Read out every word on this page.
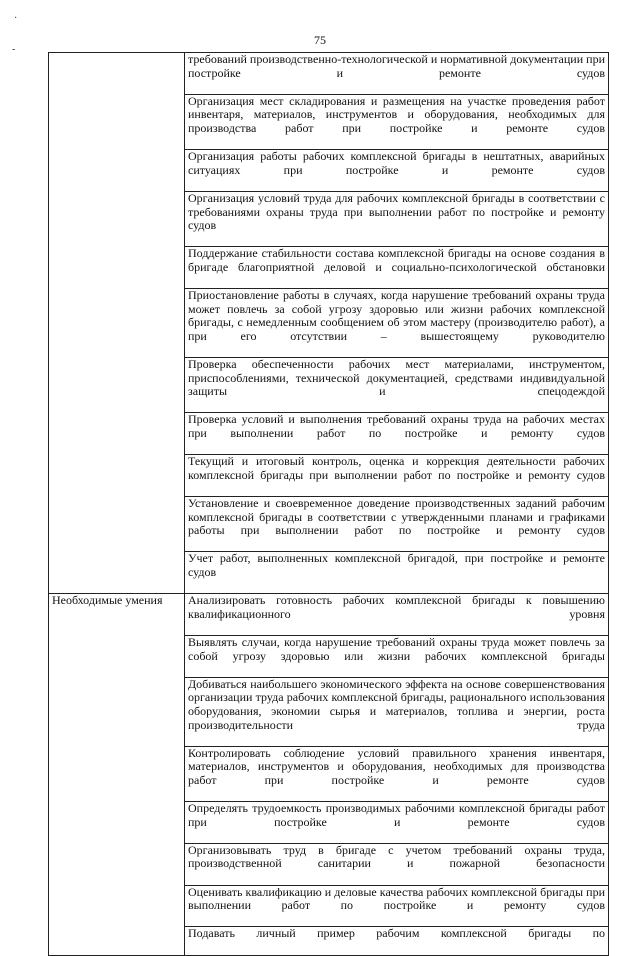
·
-
75

	требований производственно-технологической и нормативной документации при постройке и ремонте судов

	Организация мест складирования и размещения на участке проведения работ инвентаря, материалов, инструментов и оборудования, необходимых для производства работ при постройке и ремонте судов

	Организация работы рабочих комплексной бригады в нештатных, аварийных ситуациях при постройке и ремонте судов

	Организация условий труда для рабочих комплексной бригады в соответствии с требованиями охраны труда при выполнении работ по постройке и ремонту судов

	Поддержание стабильности состава комплексной бригады на основе создания в бригаде благоприятной деловой и социально-психологической обстановки

	Приостановление работы в случаях, когда нарушение требований охраны труда может повлечь за собой угрозу здоровью или жизни рабочих комплексной бригады, с немедленным сообщением об этом мастеру (производителю работ), а при его отсутствии – вышестоящему руководителю

	Проверка обеспеченности рабочих мест материалами, инструментом, приспособлениями, технической документацией, средствами индивидуальной защиты и спецодеждой

	Проверка условий и выполнения требований охраны труда на рабочих местах при выполнении работ по постройке и ремонту судов

	Текущий и итоговый контроль, оценка и коррекция деятельности рабочих комплексной бригады при выполнении работ по постройке и ремонту судов

	Установление и своевременное доведение производственных заданий рабочим комплексной бригады в соответствии с утвержденными планами и графиками работы при выполнении работ по постройке и ремонту судов

	Учет работ, выполненных комплексной бригадой, при постройке и ремонте судов

Необходимые умения	Анализировать готовность рабочих комплексной бригады к повышению квалификационного уровня

	Выявлять случаи, когда нарушение требований охраны труда может повлечь за собой угрозу здоровью или жизни рабочих комплексной бригады

	Добиваться наибольшего экономического эффекта на основе совершенствования организации труда рабочих комплексной бригады, рационального использования оборудования, экономии сырья и материалов, топлива и энергии, роста производительности труда

	Контролировать соблюдение условий правильного хранения инвентаря, материалов, инструментов и оборудования, необходимых для производства работ при постройке и ремонте судов

	Определять трудоемкость производимых рабочими комплексной бригады работ при постройке и ремонте судов

	Организовывать труд в бригаде с учетом требований охраны труда, производственной санитарии и пожарной безопасности

	Оценивать квалификацию и деловые качества рабочих комплексной бригады при выполнении работ по постройке и ремонту судов

	Подавать личный пример рабочим комплексной бригады по
